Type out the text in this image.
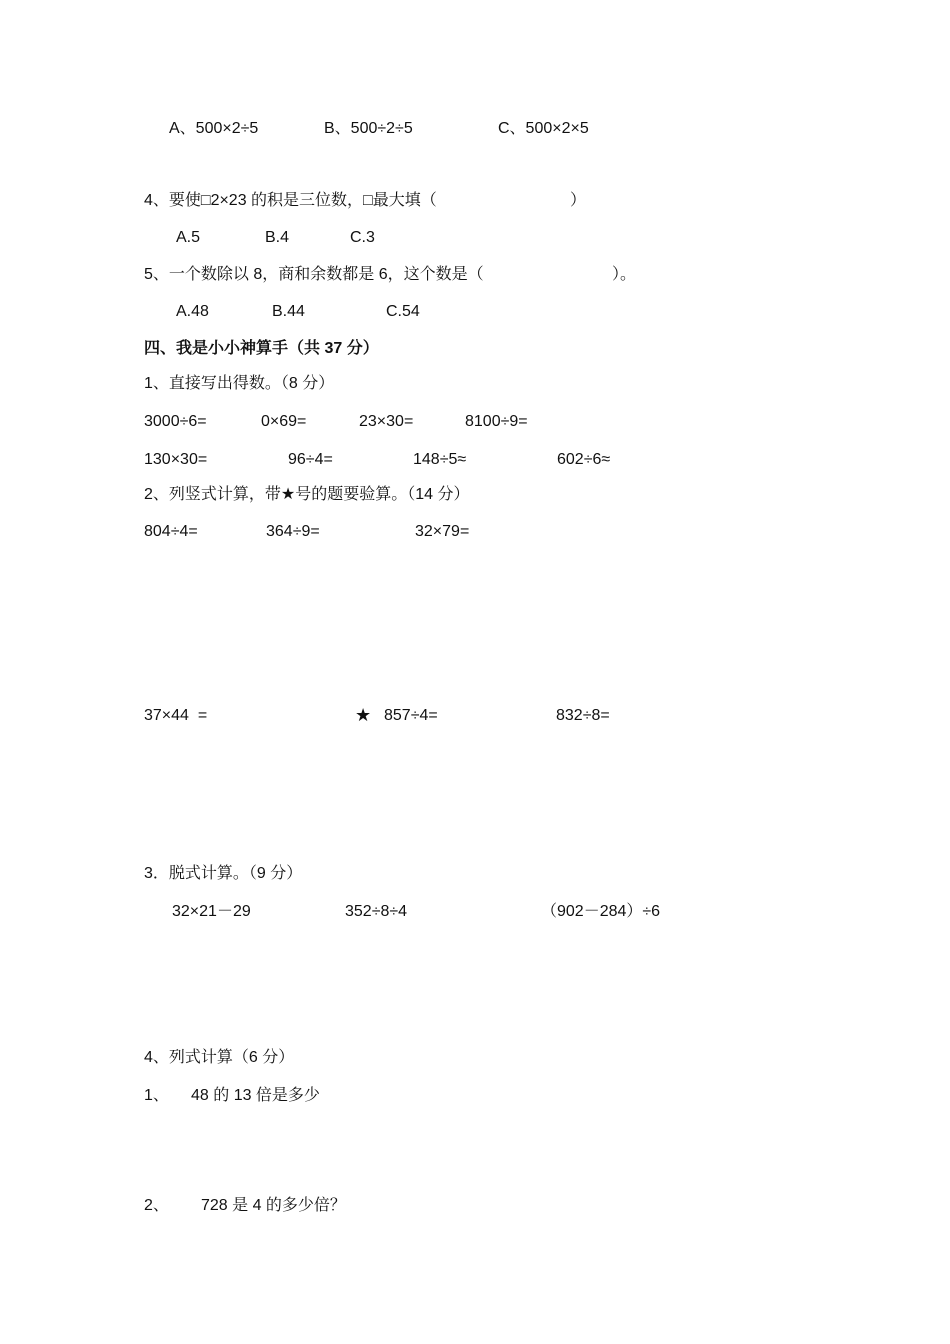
A、500×2÷5	B、500÷2÷5	C、500×2×5
4、要使□2×23 的积是三位数，□最大填（	）
A.5	B.4	C.3
5、一个数除以 8，商和余数都是 6，这个数是（	）。
A.48	B.44	C.54
四、我是小小神算手（共 37 分）
1、直接写出得数。（8 分）
3000÷6=	0×69=	23×30=	8100÷9=
130×30=	96÷4=	148÷5≈	602÷6≈
2、列竖式计算，带★号的题要验算。（14 分）
804÷4=	364÷9=	32×79=
37×44  =	★ 857÷4=	832÷8=
3．脱式计算。（9 分）
32×21－29	352÷8÷4	（902－284）÷6
4、列式计算（6 分）
1、 48 的 13 倍是多少
2、 728 是 4 的多少倍？
